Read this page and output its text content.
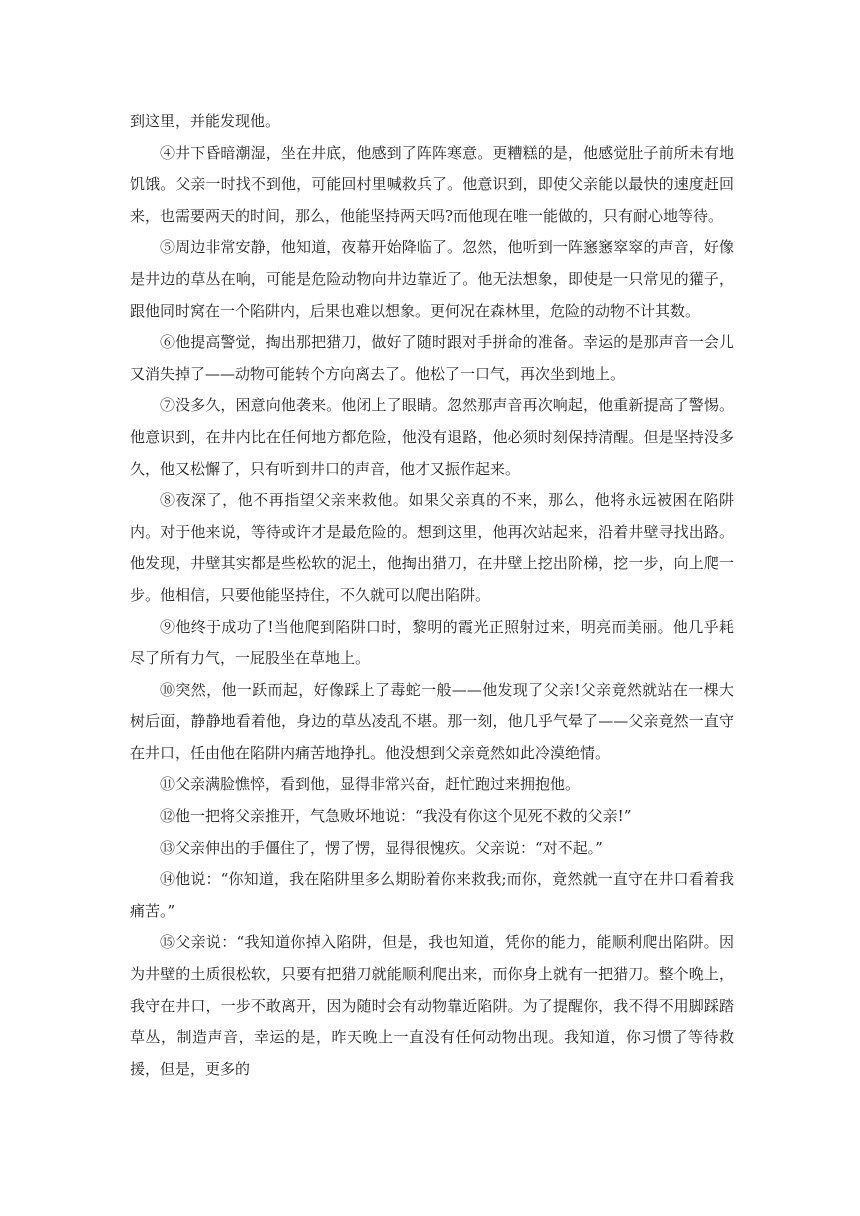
到这里，并能发现他。

④井下昏暗潮湿，坐在井底，他感到了阵阵寒意。更糟糕的是，他感觉肚子前所未有地饥饿。父亲一时找不到他，可能回村里喊救兵了。他意识到，即使父亲能以最快的速度赶回来，也需要两天的时间，那么，他能坚持两天吗?而他现在唯一能做的，只有耐心地等待。

⑤周边非常安静，他知道，夜幕开始降临了。忽然，他听到一阵窸窸窣窣的声音，好像是井边的草丛在响，可能是危险动物向井边靠近了。他无法想象，即使是一只常见的獾子，跟他同时窝在一个陷阱内，后果也难以想象。更何况在森林里，危险的动物不计其数。

⑥他提高警觉，掏出那把猎刀，做好了随时跟对手拼命的准备。幸运的是那声音一会儿又消失掉了——动物可能转个方向离去了。他松了一口气，再次坐到地上。

⑦没多久，困意向他袭来。他闭上了眼睛。忽然那声音再次响起，他重新提高了警惕。他意识到，在井内比在任何地方都危险，他没有退路，他必须时刻保持清醒。但是坚持没多久，他又松懈了，只有听到井口的声音，他才又振作起来。

⑧夜深了，他不再指望父亲来救他。如果父亲真的不来，那么，他将永远被困在陷阱内。对于他来说，等待或许才是最危险的。想到这里，他再次站起来，沿着井壁寻找出路。他发现，井壁其实都是些松软的泥土，他掏出猎刀，在井壁上挖出阶梯，挖一步，向上爬一步。他相信，只要他能坚持住，不久就可以爬出陷阱。

⑨他终于成功了!当他爬到陷阱口时，黎明的霞光正照射过来，明亮而美丽。他几乎耗尽了所有力气，一屁股坐在草地上。

⑩突然，他一跃而起，好像踩上了毒蛇一般——他发现了父亲!父亲竟然就站在一棵大树后面，静静地看着他，身边的草丛凌乱不堪。那一刻，他几乎气晕了——父亲竟然一直守在井口，任由他在陷阱内痛苦地挣扎。他没想到父亲竟然如此冷漠绝情。

⑪父亲满脸憔悴，看到他，显得非常兴奋，赶忙跑过来拥抱他。

⑫他一把将父亲推开，气急败坏地说：“我没有你这个见死不救的父亲!”

⑬父亲伸出的手僵住了，愣了愣，显得很愧疚。父亲说：“对不起。”

⑭他说：“你知道，我在陷阱里多么期盼着你来救我;而你，竟然就一直守在井口看着我痛苦。”

⑮父亲说：“我知道你掉入陷阱，但是，我也知道，凭你的能力，能顺利爬出陷阱。因为井壁的土质很松软，只要有把猎刀就能顺利爬出来，而你身上就有一把猎刀。整个晚上，我守在井口，一步不敢离开，因为随时会有动物靠近陷阱。为了提醒你，我不得不用脚踩踏草丛，制造声音，幸运的是，昨天晚上一直没有任何动物出现。我知道，你习惯了等待救援，但是，更多的
